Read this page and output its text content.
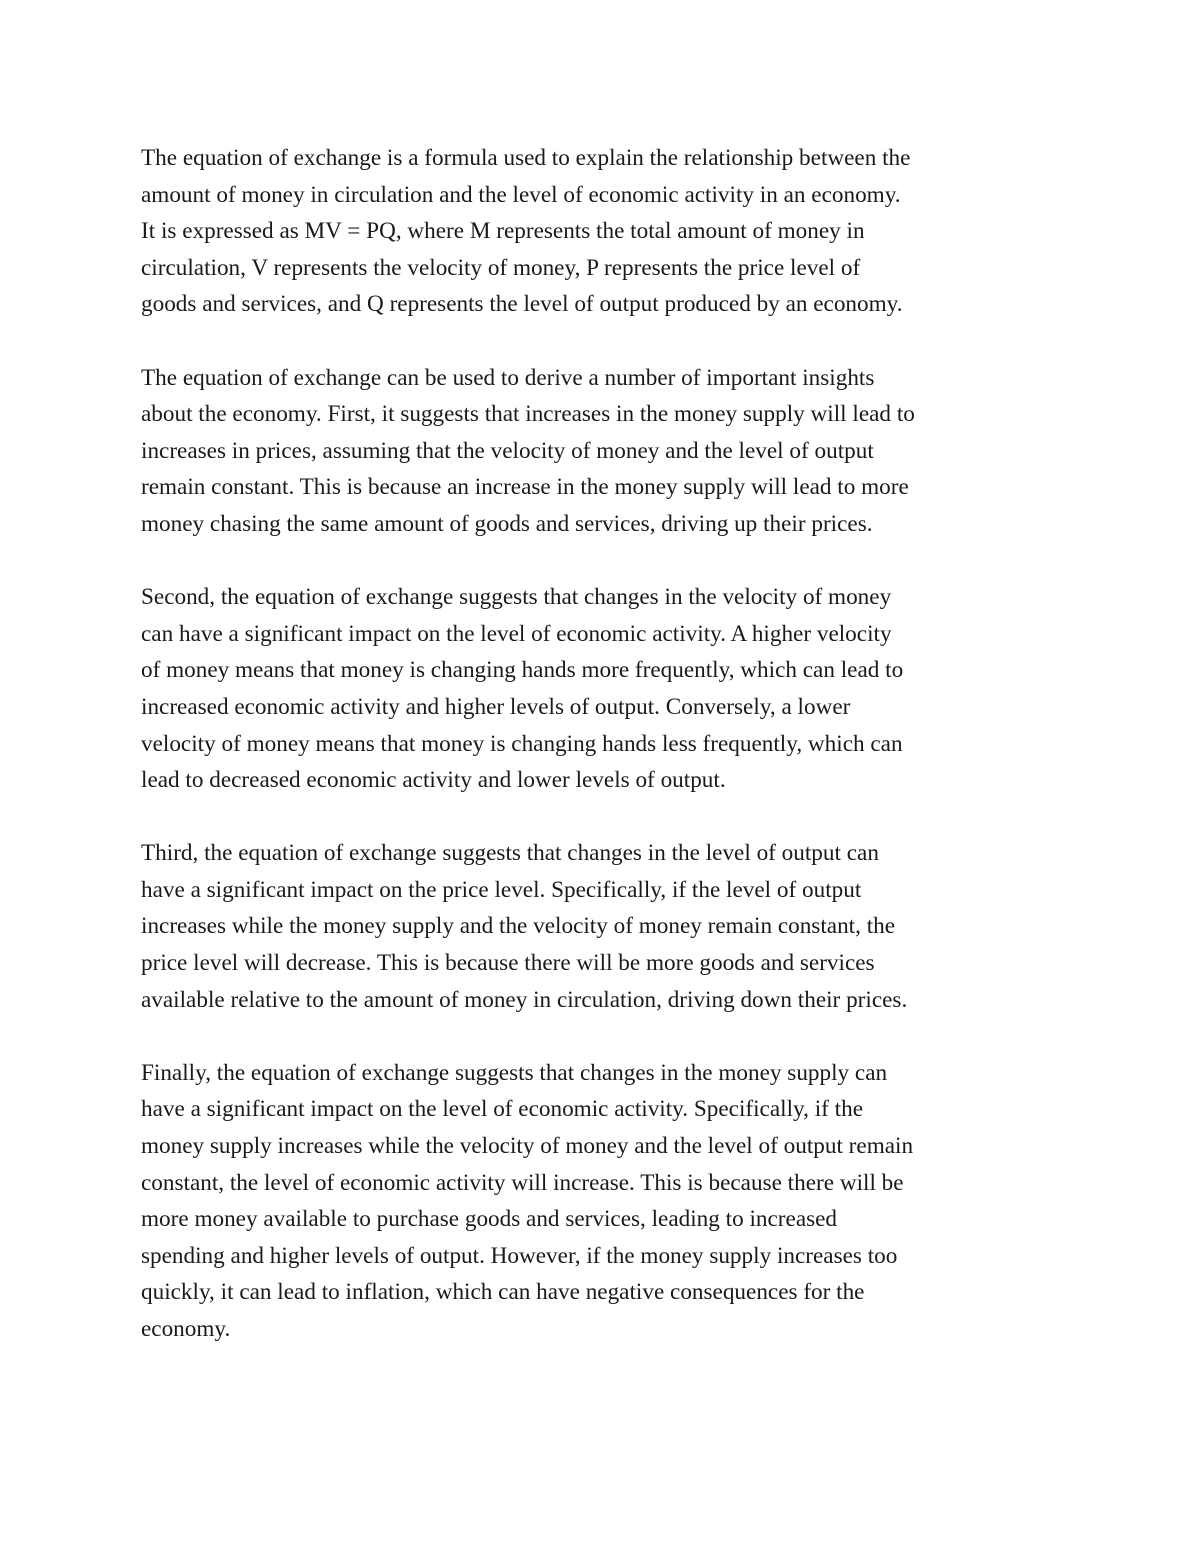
The equation of exchange is a formula used to explain the relationship between the
amount of money in circulation and the level of economic activity in an economy.
It is expressed as MV = PQ, where M represents the total amount of money in
circulation, V represents the velocity of money, P represents the price level of
goods and services, and Q represents the level of output produced by an economy.

The equation of exchange can be used to derive a number of important insights
about the economy. First, it suggests that increases in the money supply will lead to
increases in prices, assuming that the velocity of money and the level of output
remain constant. This is because an increase in the money supply will lead to more
money chasing the same amount of goods and services, driving up their prices.

Second, the equation of exchange suggests that changes in the velocity of money
can have a significant impact on the level of economic activity. A higher velocity
of money means that money is changing hands more frequently, which can lead to
increased economic activity and higher levels of output. Conversely, a lower
velocity of money means that money is changing hands less frequently, which can
lead to decreased economic activity and lower levels of output.

Third, the equation of exchange suggests that changes in the level of output can
have a significant impact on the price level. Specifically, if the level of output
increases while the money supply and the velocity of money remain constant, the
price level will decrease. This is because there will be more goods and services
available relative to the amount of money in circulation, driving down their prices.

Finally, the equation of exchange suggests that changes in the money supply can
have a significant impact on the level of economic activity. Specifically, if the
money supply increases while the velocity of money and the level of output remain
constant, the level of economic activity will increase. This is because there will be
more money available to purchase goods and services, leading to increased
spending and higher levels of output. However, if the money supply increases too
quickly, it can lead to inflation, which can have negative consequences for the
economy.
